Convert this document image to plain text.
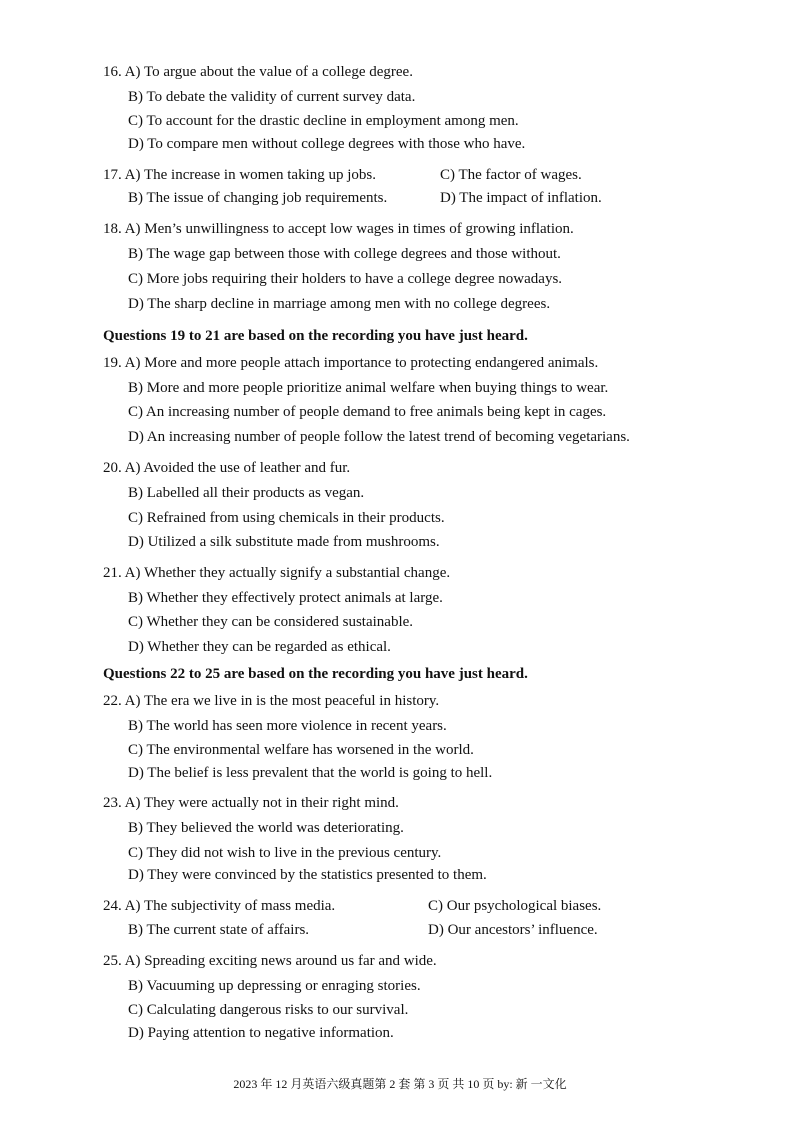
16. A) To argue about the value of a college degree.
B) To debate the validity of current survey data.
C) To account for the drastic decline in employment among men.
D) To compare men without college degrees with those who have.
17. A) The increase in women taking up jobs.	C) The factor of wages.
B) The issue of changing job requirements.	D) The impact of inflation.
18. A) Men’s unwillingness to accept low wages in times of growing inflation.
B) The wage gap between those with college degrees and those without.
C) More jobs requiring their holders to have a college degree nowadays.
D) The sharp decline in marriage among men with no college degrees.
Questions 19 to 21 are based on the recording you have just heard.
19. A) More and more people attach importance to protecting endangered animals.
B) More and more people prioritize animal welfare when buying things to wear.
C) An increasing number of people demand to free animals being kept in cages.
D) An increasing number of people follow the latest trend of becoming vegetarians.
20. A) Avoided the use of leather and fur.
B) Labelled all their products as vegan.
C) Refrained from using chemicals in their products.
D) Utilized a silk substitute made from mushrooms.
21. A) Whether they actually signify a substantial change.
B) Whether they effectively protect animals at large.
C) Whether they can be considered sustainable.
D) Whether they can be regarded as ethical.
Questions 22 to 25 are based on the recording you have just heard.
22. A) The era we live in is the most peaceful in history.
B) The world has seen more violence in recent years.
C) The environmental welfare has worsened in the world.
D) The belief is less prevalent that the world is going to hell.
23. A) They were actually not in their right mind.
B) They believed the world was deteriorating.
C) They did not wish to live in the previous century.
D) They were convinced by the statistics presented to them.
24. A) The subjectivity of mass media.	C) Our psychological biases.
B) The current state of affairs.	D) Our ancestors’ influence.
25. A) Spreading exciting news around us far and wide.
B) Vacuuming up depressing or enraging stories.
C) Calculating dangerous risks to our survival.
D) Paying attention to negative information.
2023 年 12 月英语六级真题第 2 套 第 3 页 共 10 页 by: 新 一文化
